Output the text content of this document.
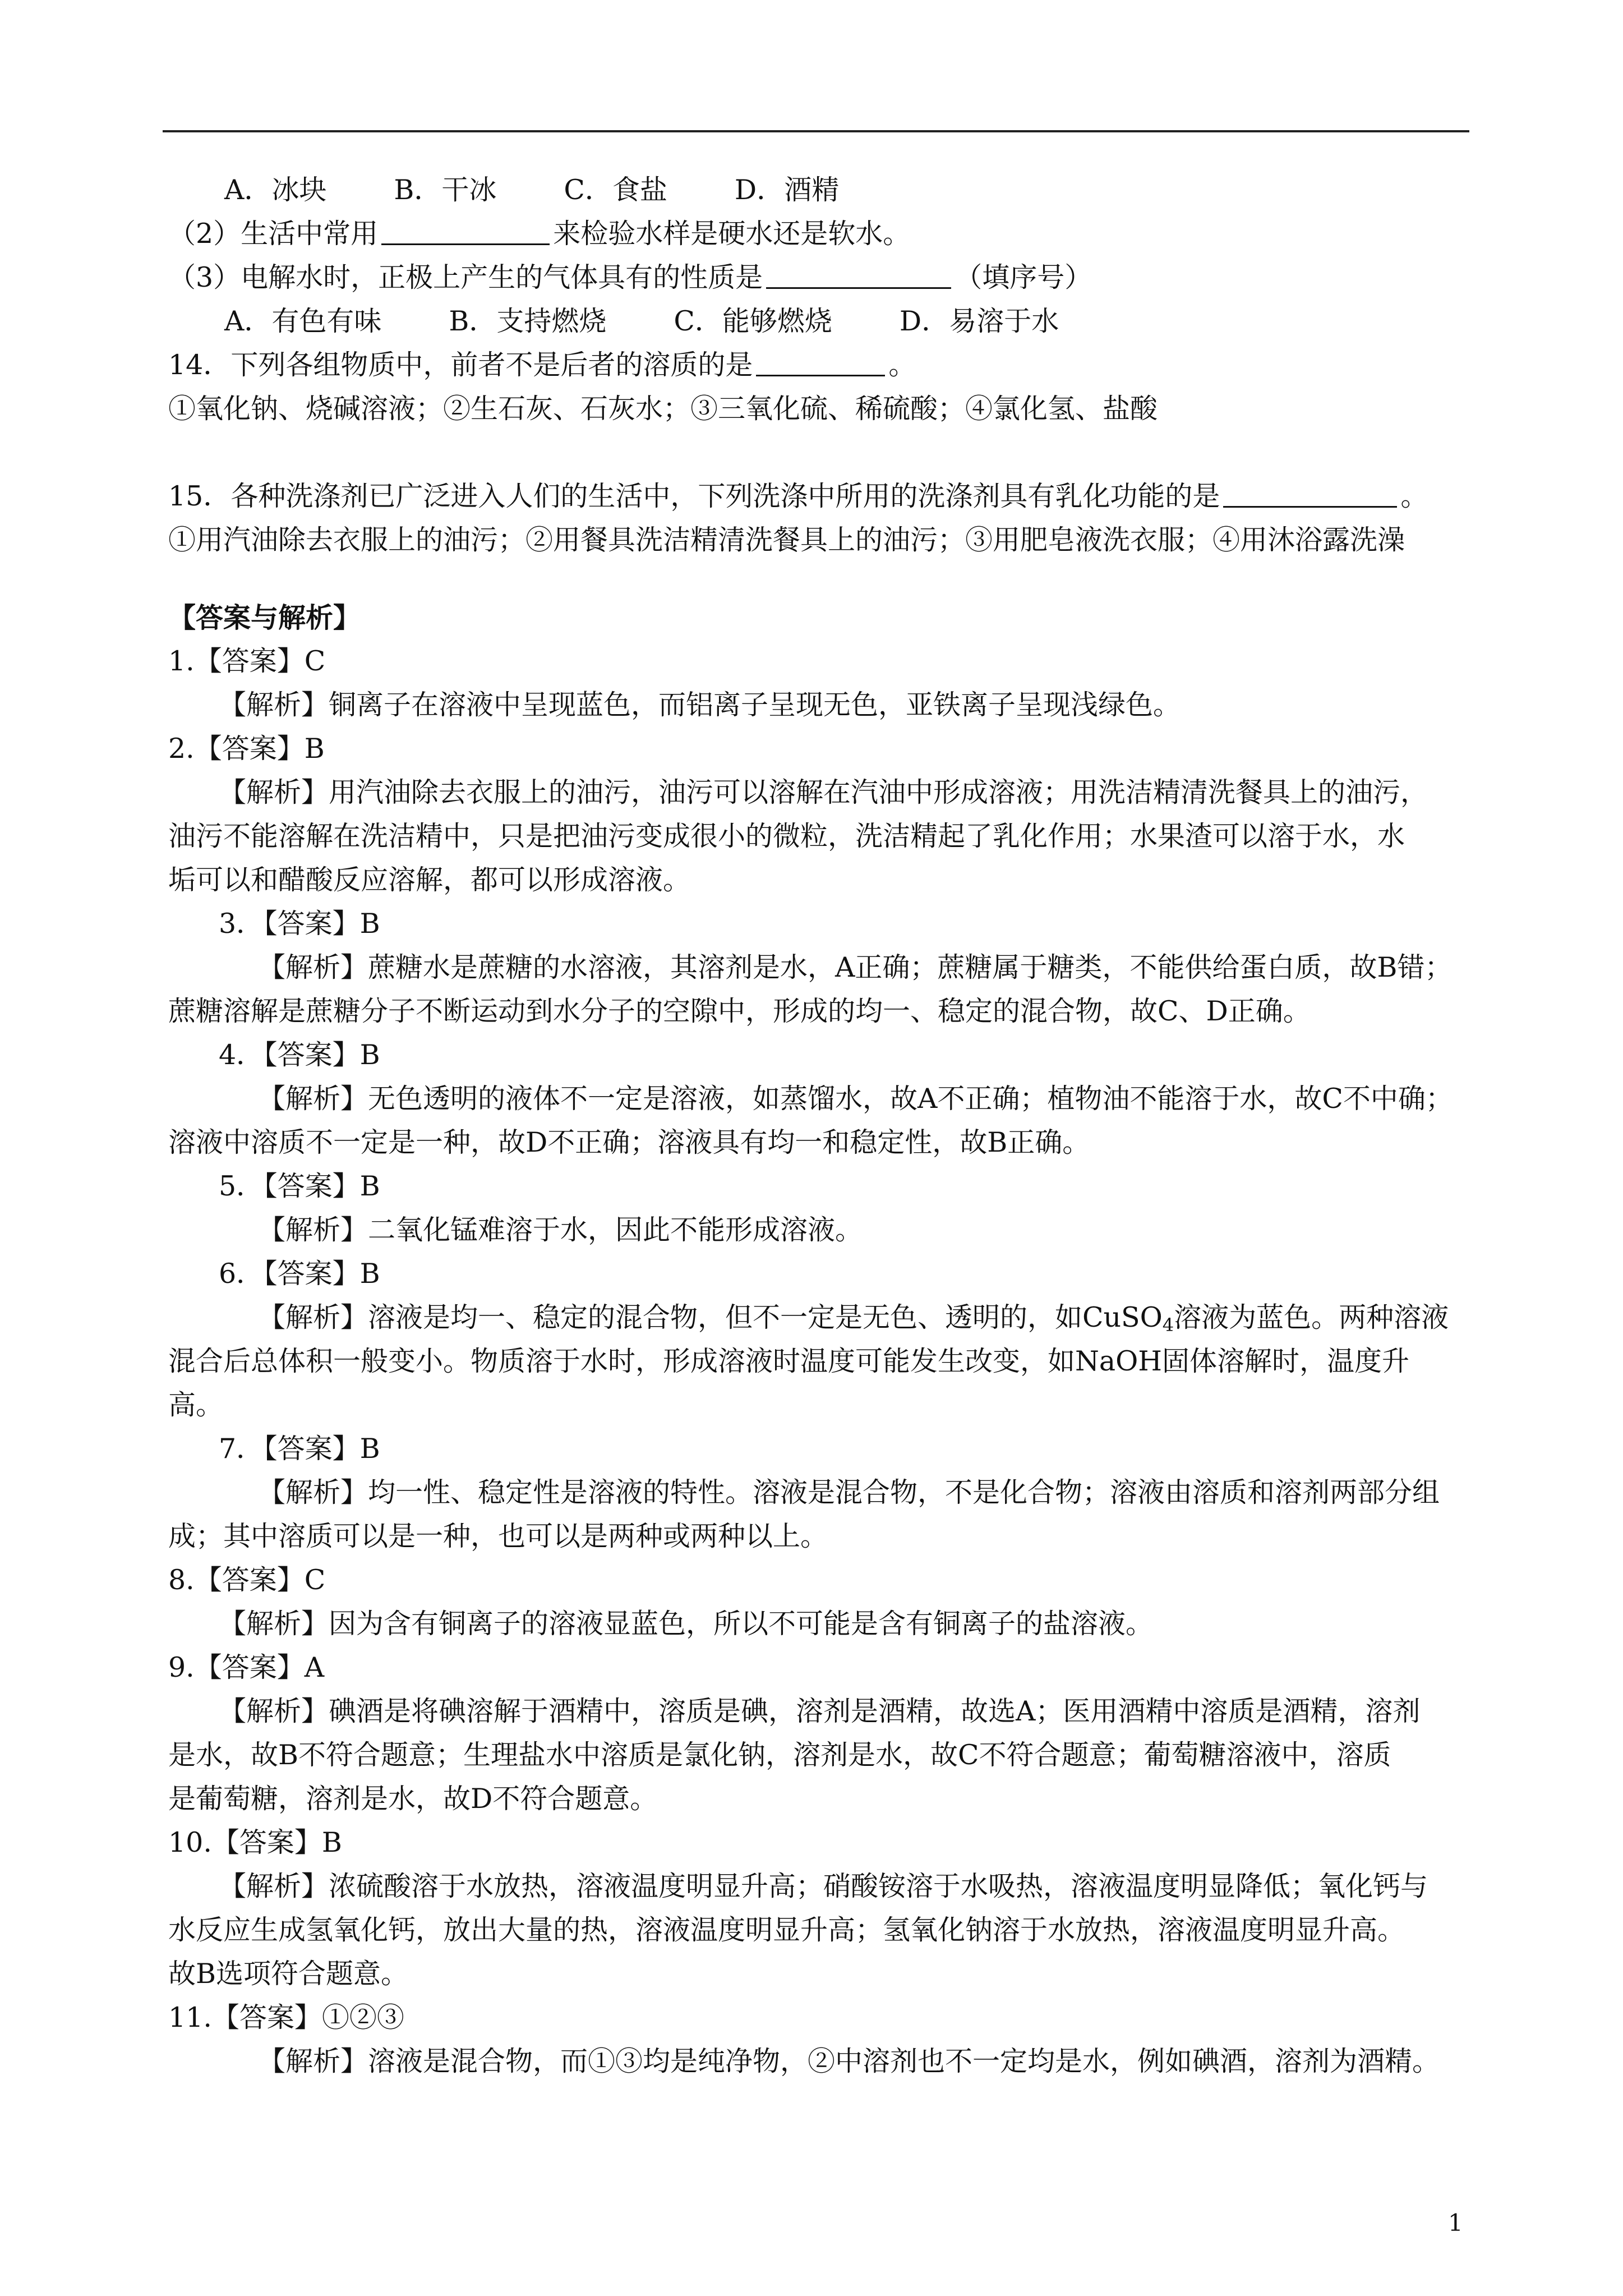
A．冰块 B．干冰 C．食盐 D．酒精
（2）生活中常用	来检验水样是硬水还是软水。
（3）电解水时，正极上产生的气体具有的性质是	（填序号）
A．有色有味 B．支持燃烧 C．能够燃烧 D．易溶于水
14．下列各组物质中，前者不是后者的溶质的是	。
①氧化钠、烧碱溶液；②生石灰、石灰水；③三氧化硫、稀硫酸；④氯化氢、盐酸
15．各种洗涤剂已广泛进入人们的生活中，下列洗涤中所用的洗涤剂具有乳化功能的是	。
①用汽油除去衣服上的油污；②用餐具洗洁精清洗餐具上的油污；③用肥皂液洗衣服；④用沐浴露洗澡
【答案与解析】
1.【答案】C
【解析】铜离子在溶液中呈现蓝色，而铝离子呈现无色，亚铁离子呈现浅绿色。
2.【答案】B
【解析】用汽油除去衣服上的油污，油污可以溶解在汽油中形成溶液；用洗洁精清洗餐具上的油污，
油污不能溶解在洗洁精中，只是把油污变成很小的微粒，洗洁精起了乳化作用；水果渣可以溶于水，水
垢可以和醋酸反应溶解，都可以形成溶液。
3．【答案】B
【解析】蔗糖水是蔗糖的水溶液，其溶剂是水，A正确；蔗糖属于糖类，不能供给蛋白质，故B错；
蔗糖溶解是蔗糖分子不断运动到水分子的空隙中，形成的均一、稳定的混合物，故C、D正确。
4．【答案】B
【解析】无色透明的液体不一定是溶液，如蒸馏水，故A不正确；植物油不能溶于水，故C不中确；
溶液中溶质不一定是一种，故D不正确；溶液具有均一和稳定性，故B正确。
5．【答案】B
【解析】二氧化锰难溶于水，因此不能形成溶液。
6．【答案】B
【解析】溶液是均一、稳定的混合物，但不一定是无色、透明的，如CuSO$_4$溶液为蓝色。两种溶液
混合后总体积一般变小。物质溶于水时，形成溶液时温度可能发生改变，如NaOH固体溶解时，温度升
高。
7．【答案】B
【解析】均一性、稳定性是溶液的特性。溶液是混合物，不是化合物；溶液由溶质和溶剂两部分组
成；其中溶质可以是一种，也可以是两种或两种以上。
8.【答案】C
【解析】因为含有铜离子的溶液显蓝色，所以不可能是含有铜离子的盐溶液。
9.【答案】A
【解析】碘酒是将碘溶解于酒精中，溶质是碘，溶剂是酒精，故选A；医用酒精中溶质是酒精，溶剂
是水，故B不符合题意；生理盐水中溶质是氯化钠，溶剂是水，故C不符合题意；葡萄糖溶液中，溶质
是葡萄糖，溶剂是水，故D不符合题意。
10.【答案】B
【解析】浓硫酸溶于水放热，溶液温度明显升高；硝酸铵溶于水吸热，溶液温度明显降低；氧化钙与
水反应生成氢氧化钙，放出大量的热，溶液温度明显升高；氢氧化钠溶于水放热，溶液温度明显升高。
故B选项符合题意。
11.【答案】①②③
【解析】溶液是混合物，而①③均是纯净物，②中溶剂也不一定均是水，例如碘酒，溶剂为酒精。
1
